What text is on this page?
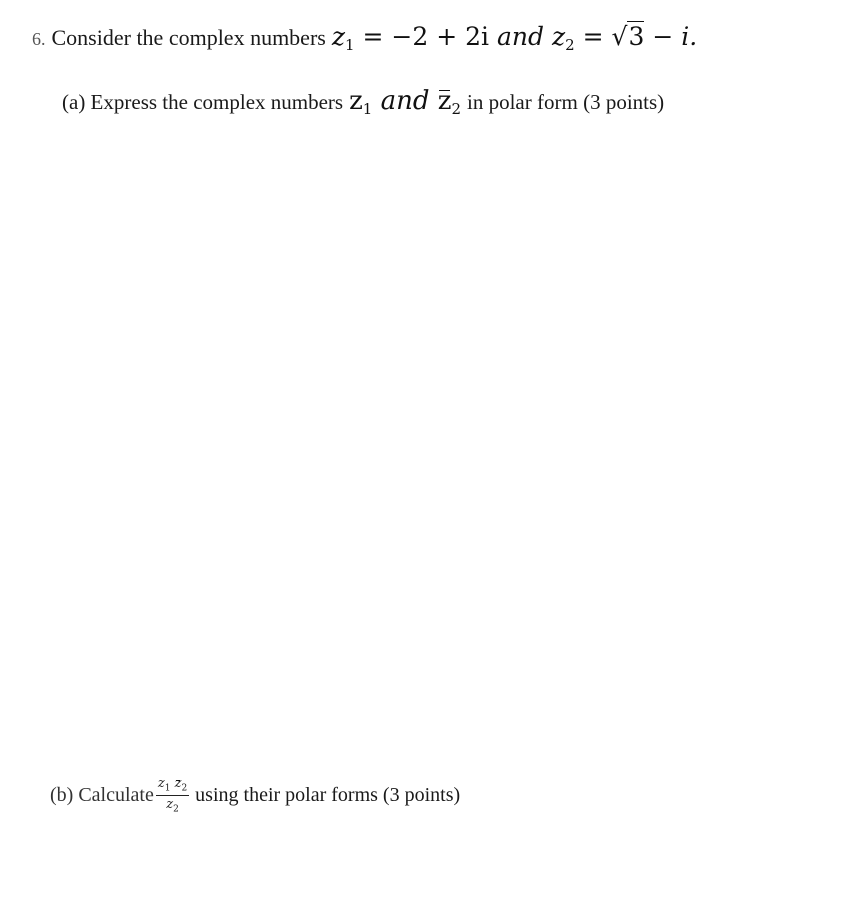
6. Consider the complex numbers $z_1 = -2 + 2i$ and $z_2 = √3 - i$.
(a) Express the complex numbers $z_1$ and $z_2$ in polar form (3 points)
(b) Calculate $\frac{z_1 z_2}{z_2}$ using their polar forms (3 points)
